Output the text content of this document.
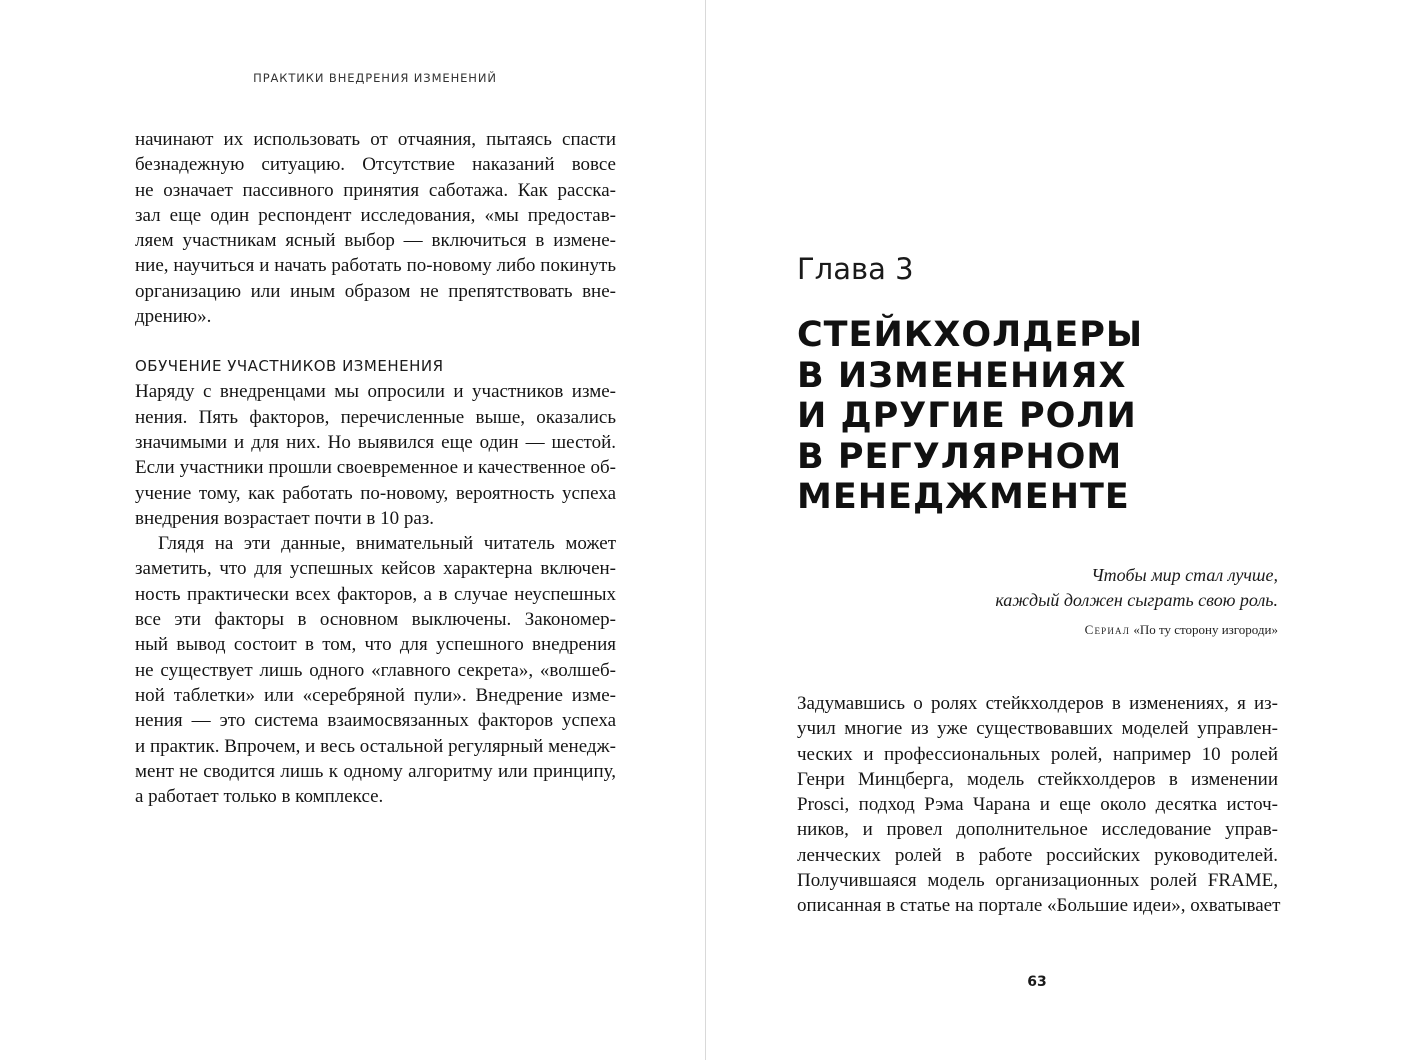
ПРАКТИКИ ВНЕДРЕНИЯ ИЗМЕНЕНИЙ
начинают их использовать от отчаяния, пытаясь спасти
безнадежную ситуацию. Отсутствие наказаний вовсе
не означает пассивного принятия саботажа. Как расска-
зал еще один респондент исследования, «мы предостав-
ляем участникам ясный выбор — включиться в измене-
ние, научиться и начать работать по-новому либо покинуть
организацию или иным образом не препятствовать вне-
дрению».
ОБУЧЕНИЕ УЧАСТНИКОВ ИЗМЕНЕНИЯ
Наряду с внедренцами мы опросили и участников изме-
нения. Пять факторов, перечисленные выше, оказались
значимыми и для них. Но выявился еще один — шестой.
Если участники прошли своевременное и качественное об-
учение тому, как работать по-новому, вероятность успеха
внедрения возрастает почти в 10 раз.
Глядя на эти данные, внимательный читатель может
заметить, что для успешных кейсов характерна включен-
ность практически всех факторов, а в случае неуспешных
все эти факторы в основном выключены. Закономер-
ный вывод состоит в том, что для успешного внедрения
не существует лишь одного «главного секрета», «волшеб-
ной таблетки» или «серебряной пули». Внедрение изме-
нения — это система взаимосвязанных факторов успеха
и практик. Впрочем, и весь остальной регулярный менедж-
мент не сводится лишь к одному алгоритму или принципу,
а работает только в комплексе.
Глава 3
СТЕЙКХОЛДЕРЫ
В ИЗМЕНЕНИЯХ
И ДРУГИЕ РОЛИ
В РЕГУЛЯРНОМ
МЕНЕДЖМЕНТЕ
Чтобы мир стал лучше,
каждый должен сыграть свою роль.
Сериал «По ту сторону изгороди»
Задумавшись о ролях стейкхолдеров в изменениях, я из-
учил многие из уже существовавших моделей управлен-
ческих и профессиональных ролей, например 10 ролей
Генри Минцберга, модель стейкхолдеров в изменении
Prosci, подход Рэма Чарана и еще около десятка источ-
ников, и провел дополнительное исследование управ-
ленческих ролей в работе российских руководителей.
Получившаяся модель организационных ролей FRAME,
описанная в статье на портале «Большие идеи», охватывает
63
